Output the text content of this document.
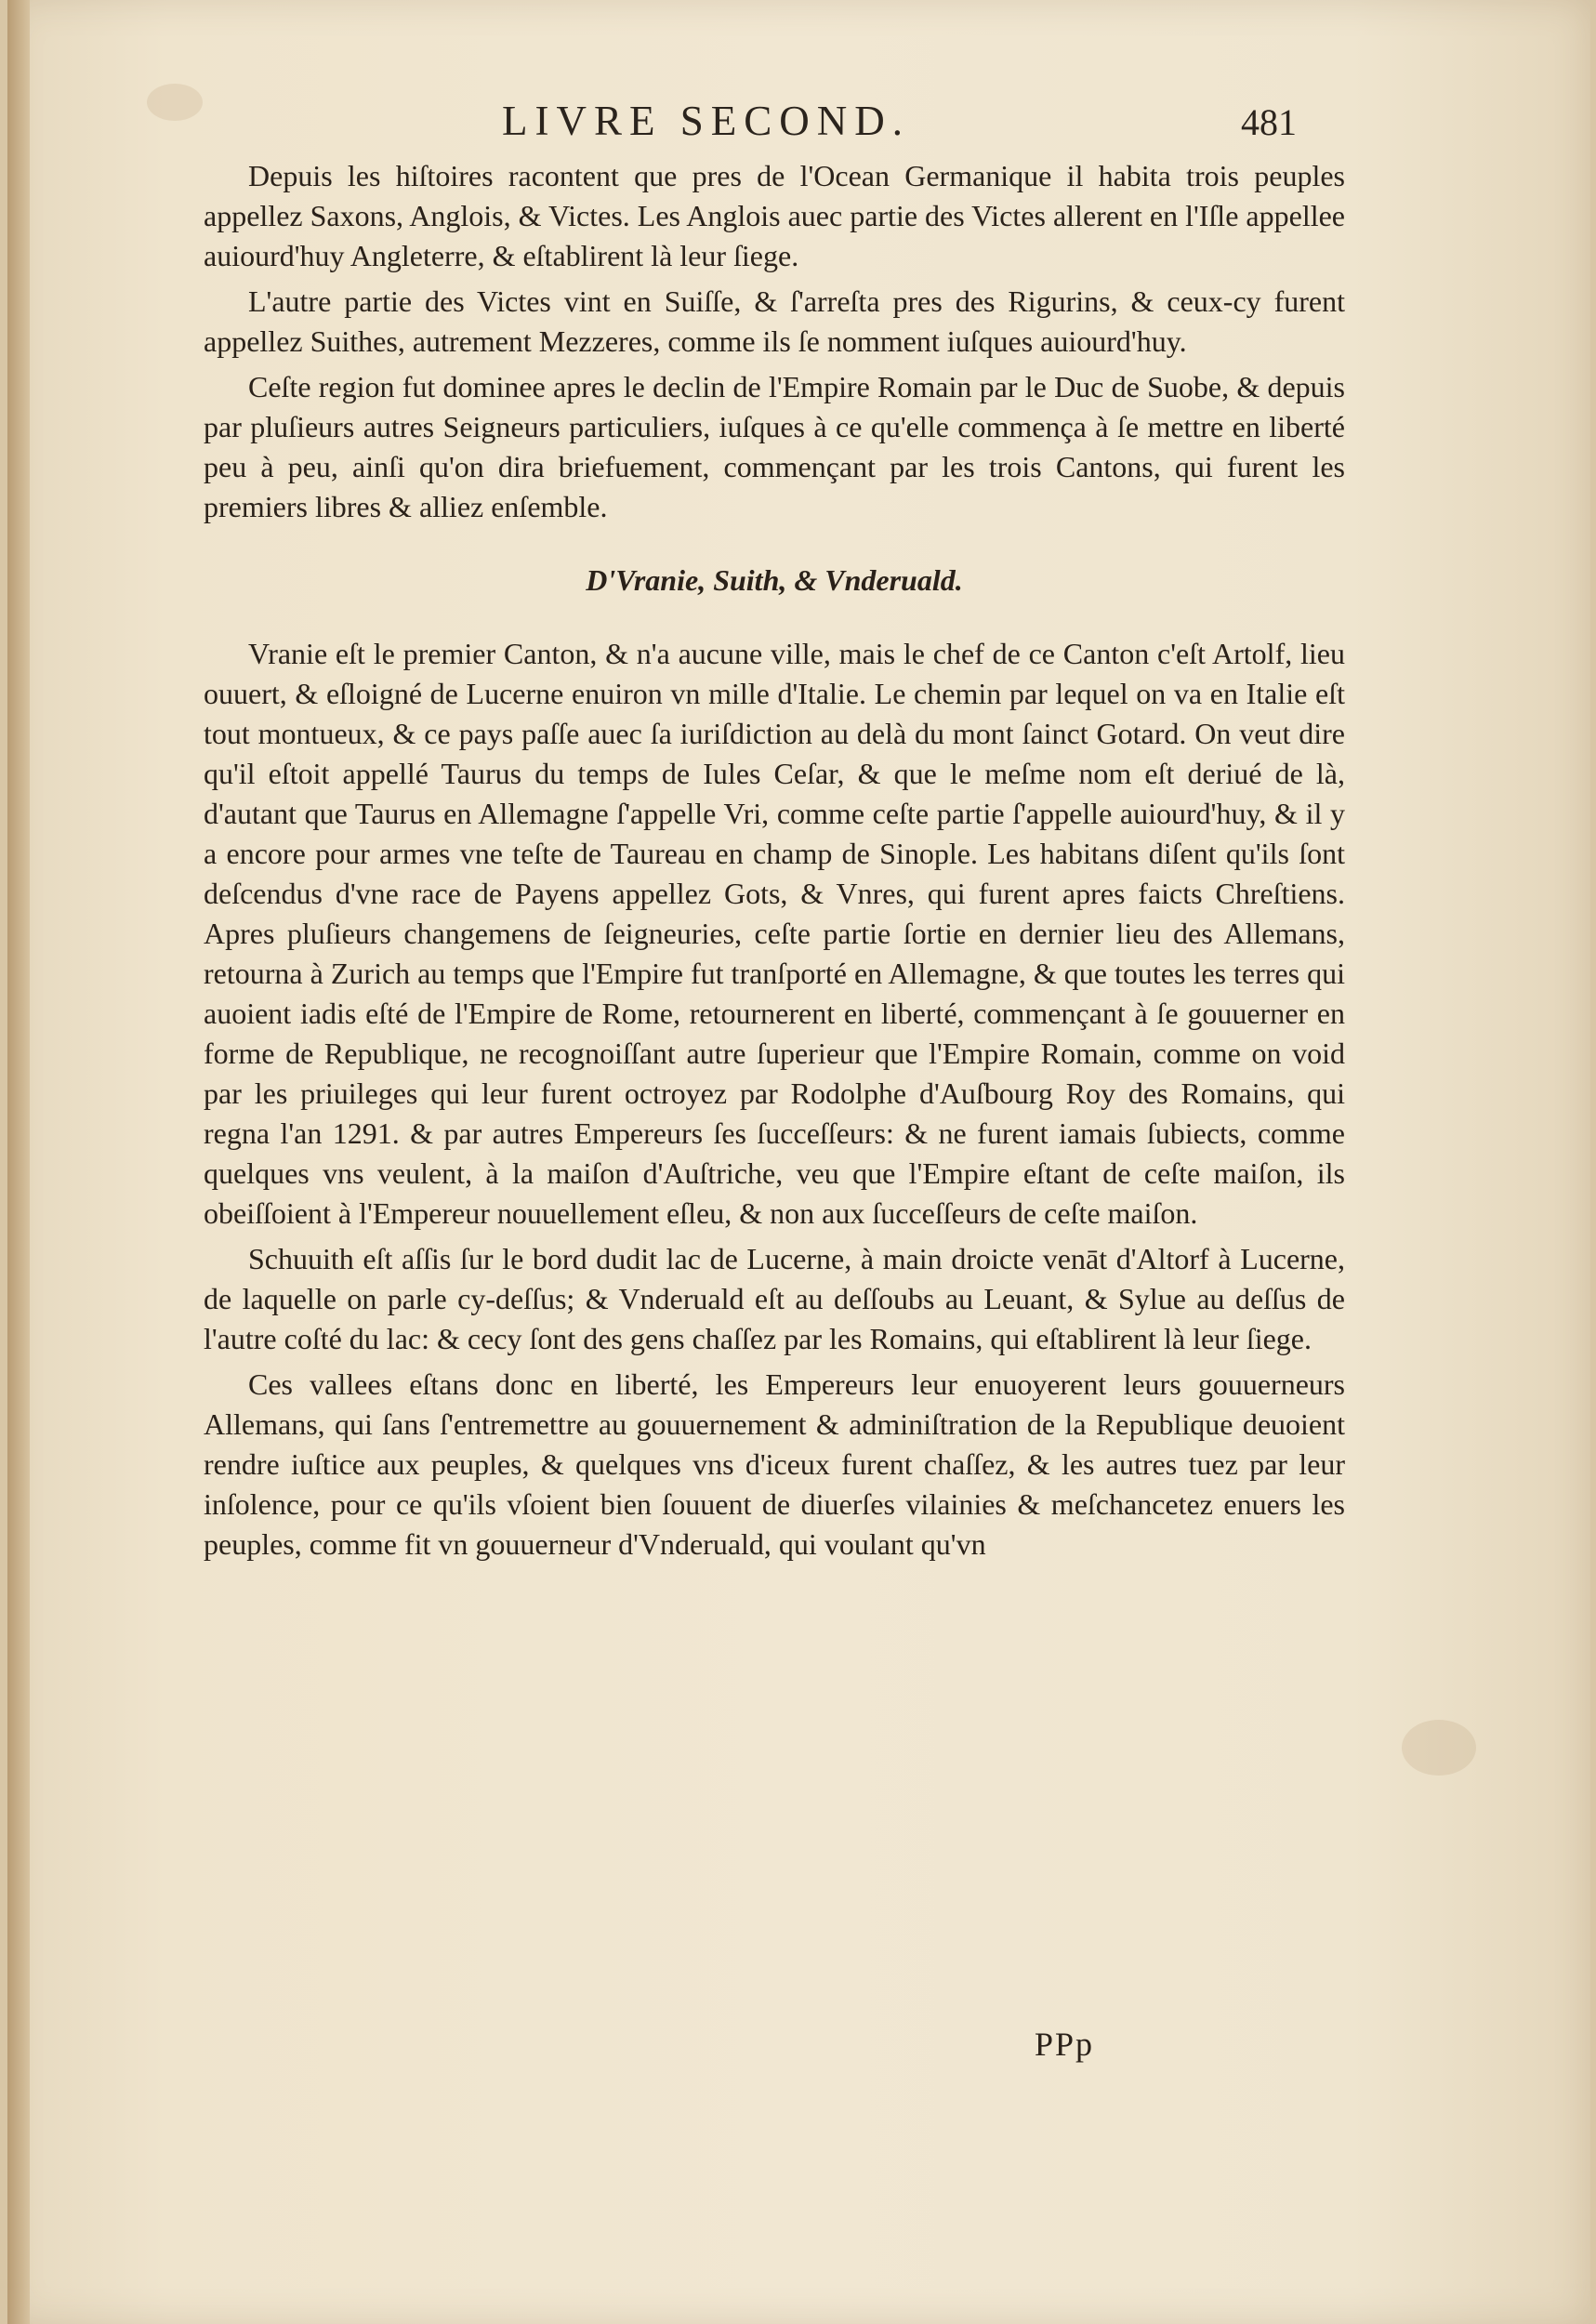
LIVRE SECOND.	481

Depuis les hiſtoires racontent que pres de l'Ocean Germanique il habita trois peuples appellez Saxons, Anglois, & Victes. Les Anglois auec partie des Victes allerent en l'Iſle appellee auiourd'huy Angleterre, & eſtablirent là leur ſiege.

L'autre partie des Victes vint en Suiſſe, & ſ'arreſta pres des Rigurins, & ceux-cy furent appellez Suithes, autrement Mezzeres, comme ils ſe nomment iuſques auiourd'huy.

Ceſte region fut dominee apres le declin de l'Empire Romain par le Duc de Suobe, & depuis par pluſieurs autres Seigneurs particuliers, iuſques à ce qu'elle commença à ſe mettre en liberté peu à peu, ainſi qu'on dira briefuement, commençant par les trois Cantons, qui furent les premiers libres & alliez enſemble.

D'Vranie, Suith, & Vnderuald.

Vranie eſt le premier Canton, & n'a aucune ville, mais le chef de ce Canton c'eſt Artolf, lieu ouuert, & eſloigné de Lucerne enuiron vn mille d'Italie. Le chemin par lequel on va en Italie eſt tout montueux, & ce pays paſſe auec ſa iuriſdiction au delà du mont ſainct Gotard. On veut dire qu'il eſtoit appellé Taurus du temps de Iules Ceſar, & que le meſme nom eſt deriué de là, d'autant que Taurus en Allemagne ſ'appelle Vri, comme ceſte partie ſ'appelle auiourd'huy, & il y a encore pour armes vne teſte de Taureau en champ de Sinople. Les habitans diſent qu'ils ſont deſcendus d'vne race de Payens appellez Gots, & Vnres, qui furent apres faicts Chreſtiens. Apres pluſieurs changemens de ſeigneuries, ceſte partie ſortie en dernier lieu des Allemans, retourna à Zurich au temps que l'Empire fut tranſporté en Allemagne, & que toutes les terres qui auoient iadis eſté de l'Empire de Rome, retournerent en liberté, commençant à ſe gouuerner en forme de Republique, ne recognoiſſant autre ſuperieur que l'Empire Romain, comme on void par les priuileges qui leur furent octroyez par Rodolphe d'Auſbourg Roy des Romains, qui regna l'an 1291. & par autres Empereurs ſes ſucceſſeurs: & ne furent iamais ſubiects, comme quelques vns veulent, à la maiſon d'Auſtriche, veu que l'Empire eſtant de ceſte maiſon, ils obeiſſoient à l'Empereur nouuellement eſleu, & non aux ſucceſſeurs de ceſte maiſon.

Schuuith eſt aſſis ſur le bord dudit lac de Lucerne, à main droicte venāt d'Altorf à Lucerne, de laquelle on parle cy-deſſus; & Vnderuald eſt au deſſoubs au Leuant, & Sylue au deſſus de l'autre coſté du lac: & cecy ſont des gens chaſſez par les Romains, qui eſtablirent là leur ſiege.

Ces vallees eſtans donc en liberté, les Empereurs leur enuoyerent leurs gouuerneurs Allemans, qui ſans ſ'entremettre au gouuernement & adminiſtration de la Republique deuoient rendre iuſtice aux peuples, & quelques vns d'iceux furent chaſſez, & les autres tuez par leur inſolence, pour ce qu'ils vſoient bien ſouuent de diuerſes vilainies & meſchancetez enuers les peuples, comme fit vn gouuerneur d'Vnderuald, qui voulant qu'vn

PPp
